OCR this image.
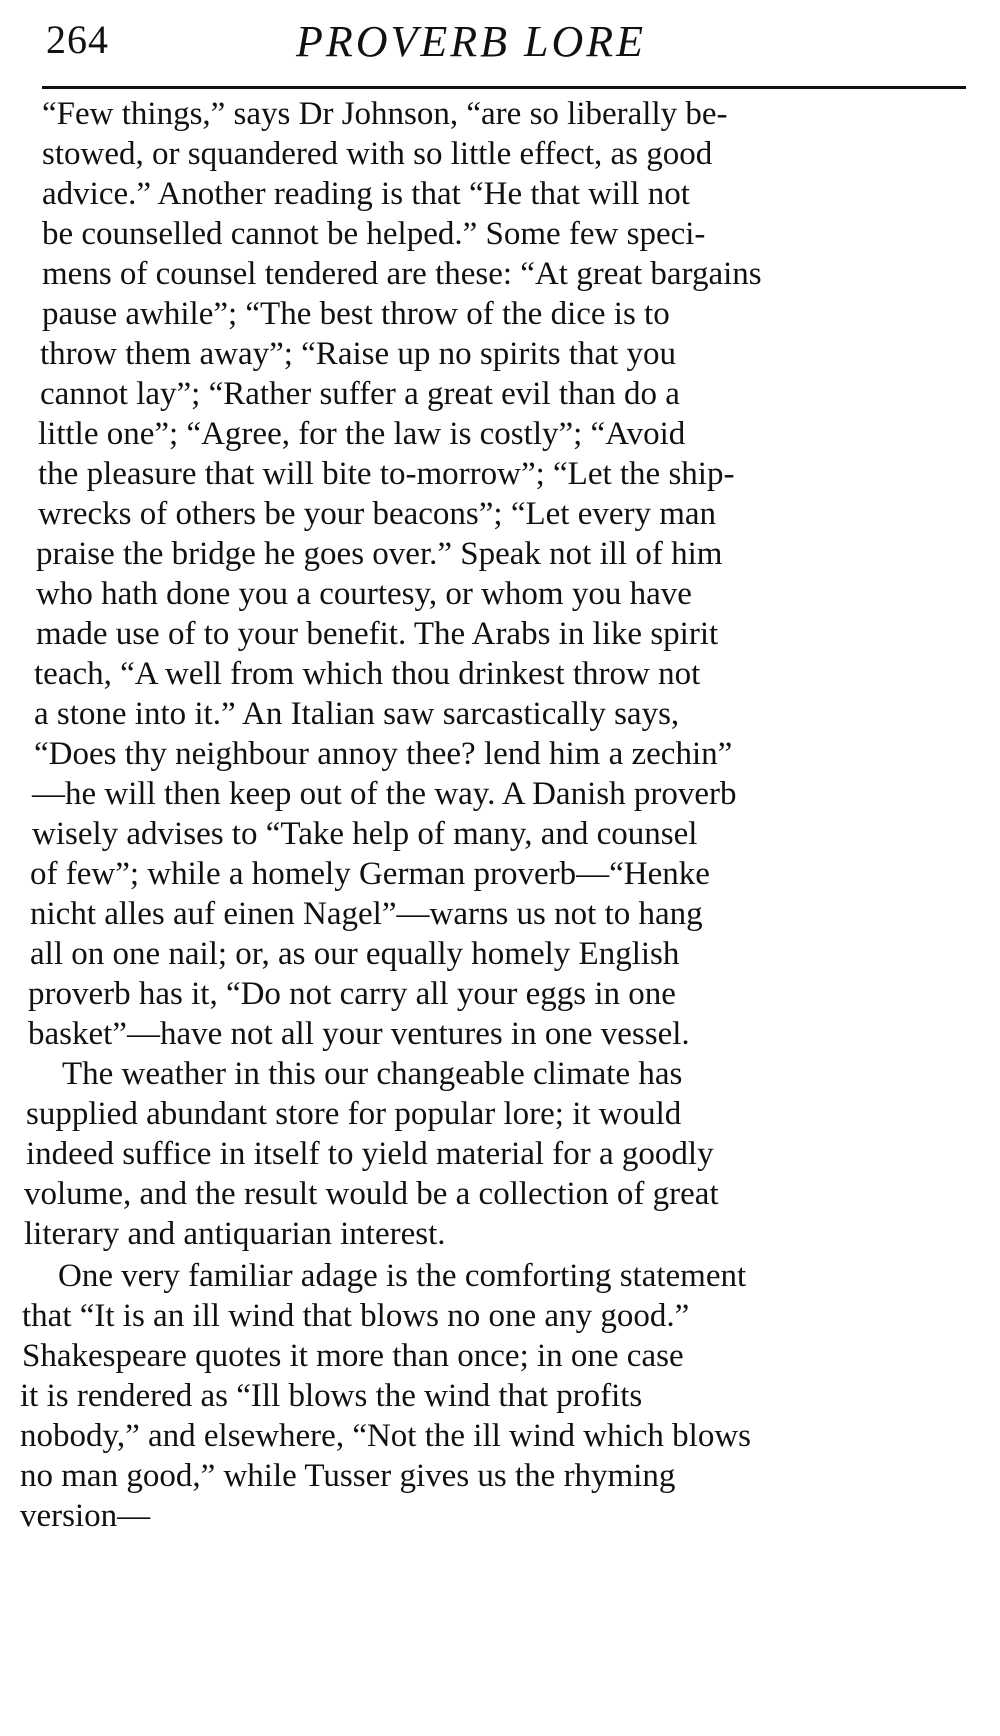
264	PROVERB LORE
“Few things,” says Dr Johnson, “are so liberally be-
stowed, or squandered with so little effect, as good
advice.” Another reading is that “He that will not
be counselled cannot be helped.” Some few speci-
mens of counsel tendered are these: “At great bargains
pause awhile”; “The best throw of the dice is to
throw them away”; “Raise up no spirits that you
cannot lay”; “Rather suffer a great evil than do a
little one”; “Agree, for the law is costly”; “Avoid
the pleasure that will bite to-morrow”; “Let the ship-
wrecks of others be your beacons”; “Let every man
praise the bridge he goes over.” Speak not ill of him
who hath done you a courtesy, or whom you have
made use of to your benefit. The Arabs in like spirit
teach, “A well from which thou drinkest throw not
a stone into it.” An Italian saw sarcastically says,
“Does thy neighbour annoy thee? lend him a zechin”
—he will then keep out of the way. A Danish proverb
wisely advises to “Take help of many, and counsel
of few”; while a homely German proverb—“Henke
nicht alles auf einen Nagel”—warns us not to hang
all on one nail; or, as our equally homely English
proverb has it, “Do not carry all your eggs in one
basket”—have not all your ventures in one vessel.
The weather in this our changeable climate has
supplied abundant store for popular lore; it would
indeed suffice in itself to yield material for a goodly
volume, and the result would be a collection of great
literary and antiquarian interest.
One very familiar adage is the comforting statement
that “It is an ill wind that blows no one any good.”
Shakespeare quotes it more than once; in one case
it is rendered as “Ill blows the wind that profits
nobody,” and elsewhere, “Not the ill wind which blows
no man good,” while Tusser gives us the rhyming
version—
